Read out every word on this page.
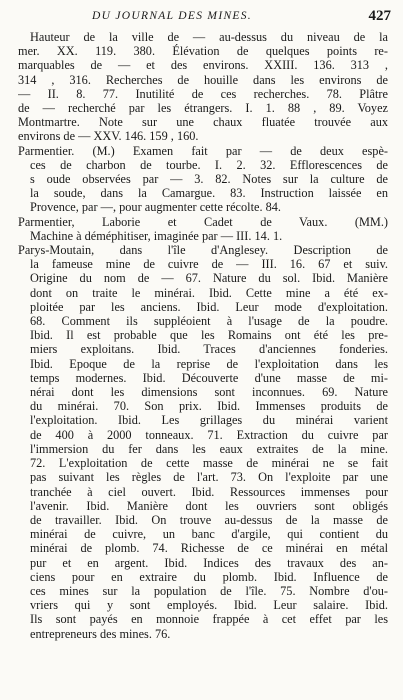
DU JOURNAL DES MINES.	427
Hauteur de la ville de — au-dessus du niveau de la
mer. XX. 119. 380. Élévation de quelques points re-
marquables de — et des environs. XXIII. 136. 313 ,
314 , 316. Recherches de houille dans les environs de
— II. 8. 77. Inutilité de ces recherches. 78. Plâtre
de — recherché par les étrangers. I. 1. 88 , 89. Voyez
Montmartre. Note sur une chaux fluatée trouvée aux
environs de — XXV. 146. 159 , 160.
Parmentier. (M.) Examen fait par — de deux espè-
ces de charbon de tourbe. I. 2. 32. Efflorescences de
s oude observées par — 3. 82. Notes sur la culture de
la soude, dans la Camargue. 83. Instruction laissée en
Provence, par —, pour augmenter cette récolte. 84.
Parmentier, Laborie et Cadet de Vaux. (MM.)
Machine à déméphitiser, imaginée par — III. 14. 1.
Parys-Moutain, dans l'île d'Anglesey. Description de
la fameuse mine de cuivre de — III. 16. 67 et suiv.
Origine du nom de — 67. Nature du sol. Ibid. Manière
dont on traite le minérai. Ibid. Cette mine a été ex-
ploitée par les anciens. Ibid. Leur mode d'exploitation.
68. Comment ils suppléoient à l'usage de la poudre.
Ibid. Il est probable que les Romains ont été les pre-
miers exploitans. Ibid. Traces d'anciennes fonderies.
Ibid. Epoque de la reprise de l'exploitation dans les
temps modernes. Ibid. Découverte d'une masse de mi-
nérai dont les dimensions sont inconnues. 69. Nature
du minérai. 70. Son prix. Ibid. Immenses produits de
l'exploitation. Ibid. Les grillages du minérai varient
de 400 à 2000 tonneaux. 71. Extraction du cuivre par
l'immersion du fer dans les eaux extraites de la mine.
72. L'exploitation de cette masse de minérai ne se fait
pas suivant les règles de l'art. 73. On l'exploite par une
tranchée à ciel ouvert. Ibid. Ressources immenses pour
l'avenir. Ibid. Manière dont les ouvriers sont obligés
de travailler. Ibid. On trouve au-dessus de la masse de
minérai de cuivre, un banc d'argile, qui contient du
minérai de plomb. 74. Richesse de ce minérai en métal
pur et en argent. Ibid. Indices des travaux des an-
ciens pour en extraire du plomb. Ibid. Influence de
ces mines sur la population de l'île. 75. Nombre d'ou-
vriers qui y sont employés. Ibid. Leur salaire. Ibid.
Ils sont payés en monnoie frappée à cet effet par les
entrepreneurs des mines. 76.
